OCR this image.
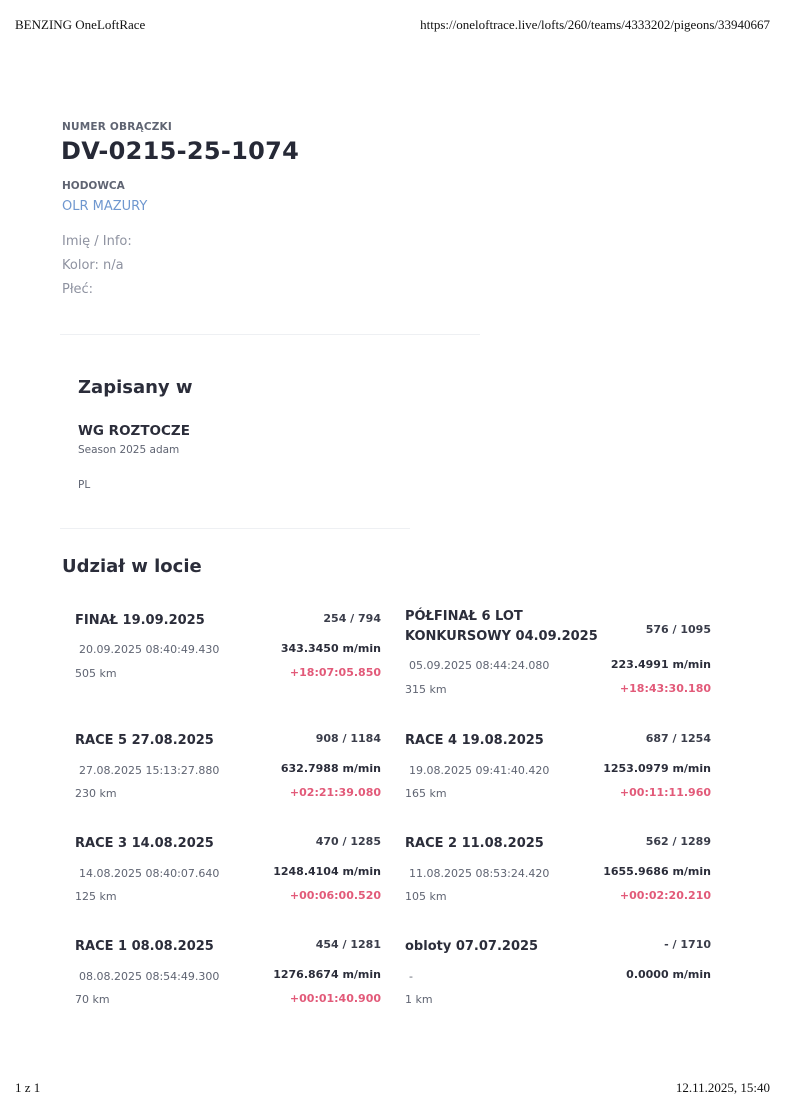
BENZING OneLoftRace	https://oneloftrace.live/lofts/260/teams/4333202/pigeons/33940667
NUMER OBRĄCZKI
DV-0215-25-1074
HODOWCA
OLR MAZURY
Imię / Info:
Kolor: n/a
Płeć:
Zapisany w
WG ROZTOCZE
Season 2025 adam
PL
Udział w locie
FINAŁ 19.09.2025	254 / 794
20.09.2025 08:40:49.430	343.3450 m/min
505 km	+18:07:05.850
PÓŁFINAŁ 6 LOT KONKURSOWY 04.09.2025	576 / 1095
05.09.2025 08:44:24.080	223.4991 m/min
315 km	+18:43:30.180
RACE 5 27.08.2025	908 / 1184
27.08.2025 15:13:27.880	632.7988 m/min
230 km	+02:21:39.080
RACE 4 19.08.2025	687 / 1254
19.08.2025 09:41:40.420	1253.0979 m/min
165 km	+00:11:11.960
RACE 3 14.08.2025	470 / 1285
14.08.2025 08:40:07.640	1248.4104 m/min
125 km	+00:06:00.520
RACE 2 11.08.2025	562 / 1289
11.08.2025 08:53:24.420	1655.9686 m/min
105 km	+00:02:20.210
RACE 1 08.08.2025	454 / 1281
08.08.2025 08:54:49.300	1276.8674 m/min
70 km	+00:01:40.900
obloty 07.07.2025	- / 1710
-	0.0000 m/min
1 km
1 z 1	12.11.2025, 15:40
